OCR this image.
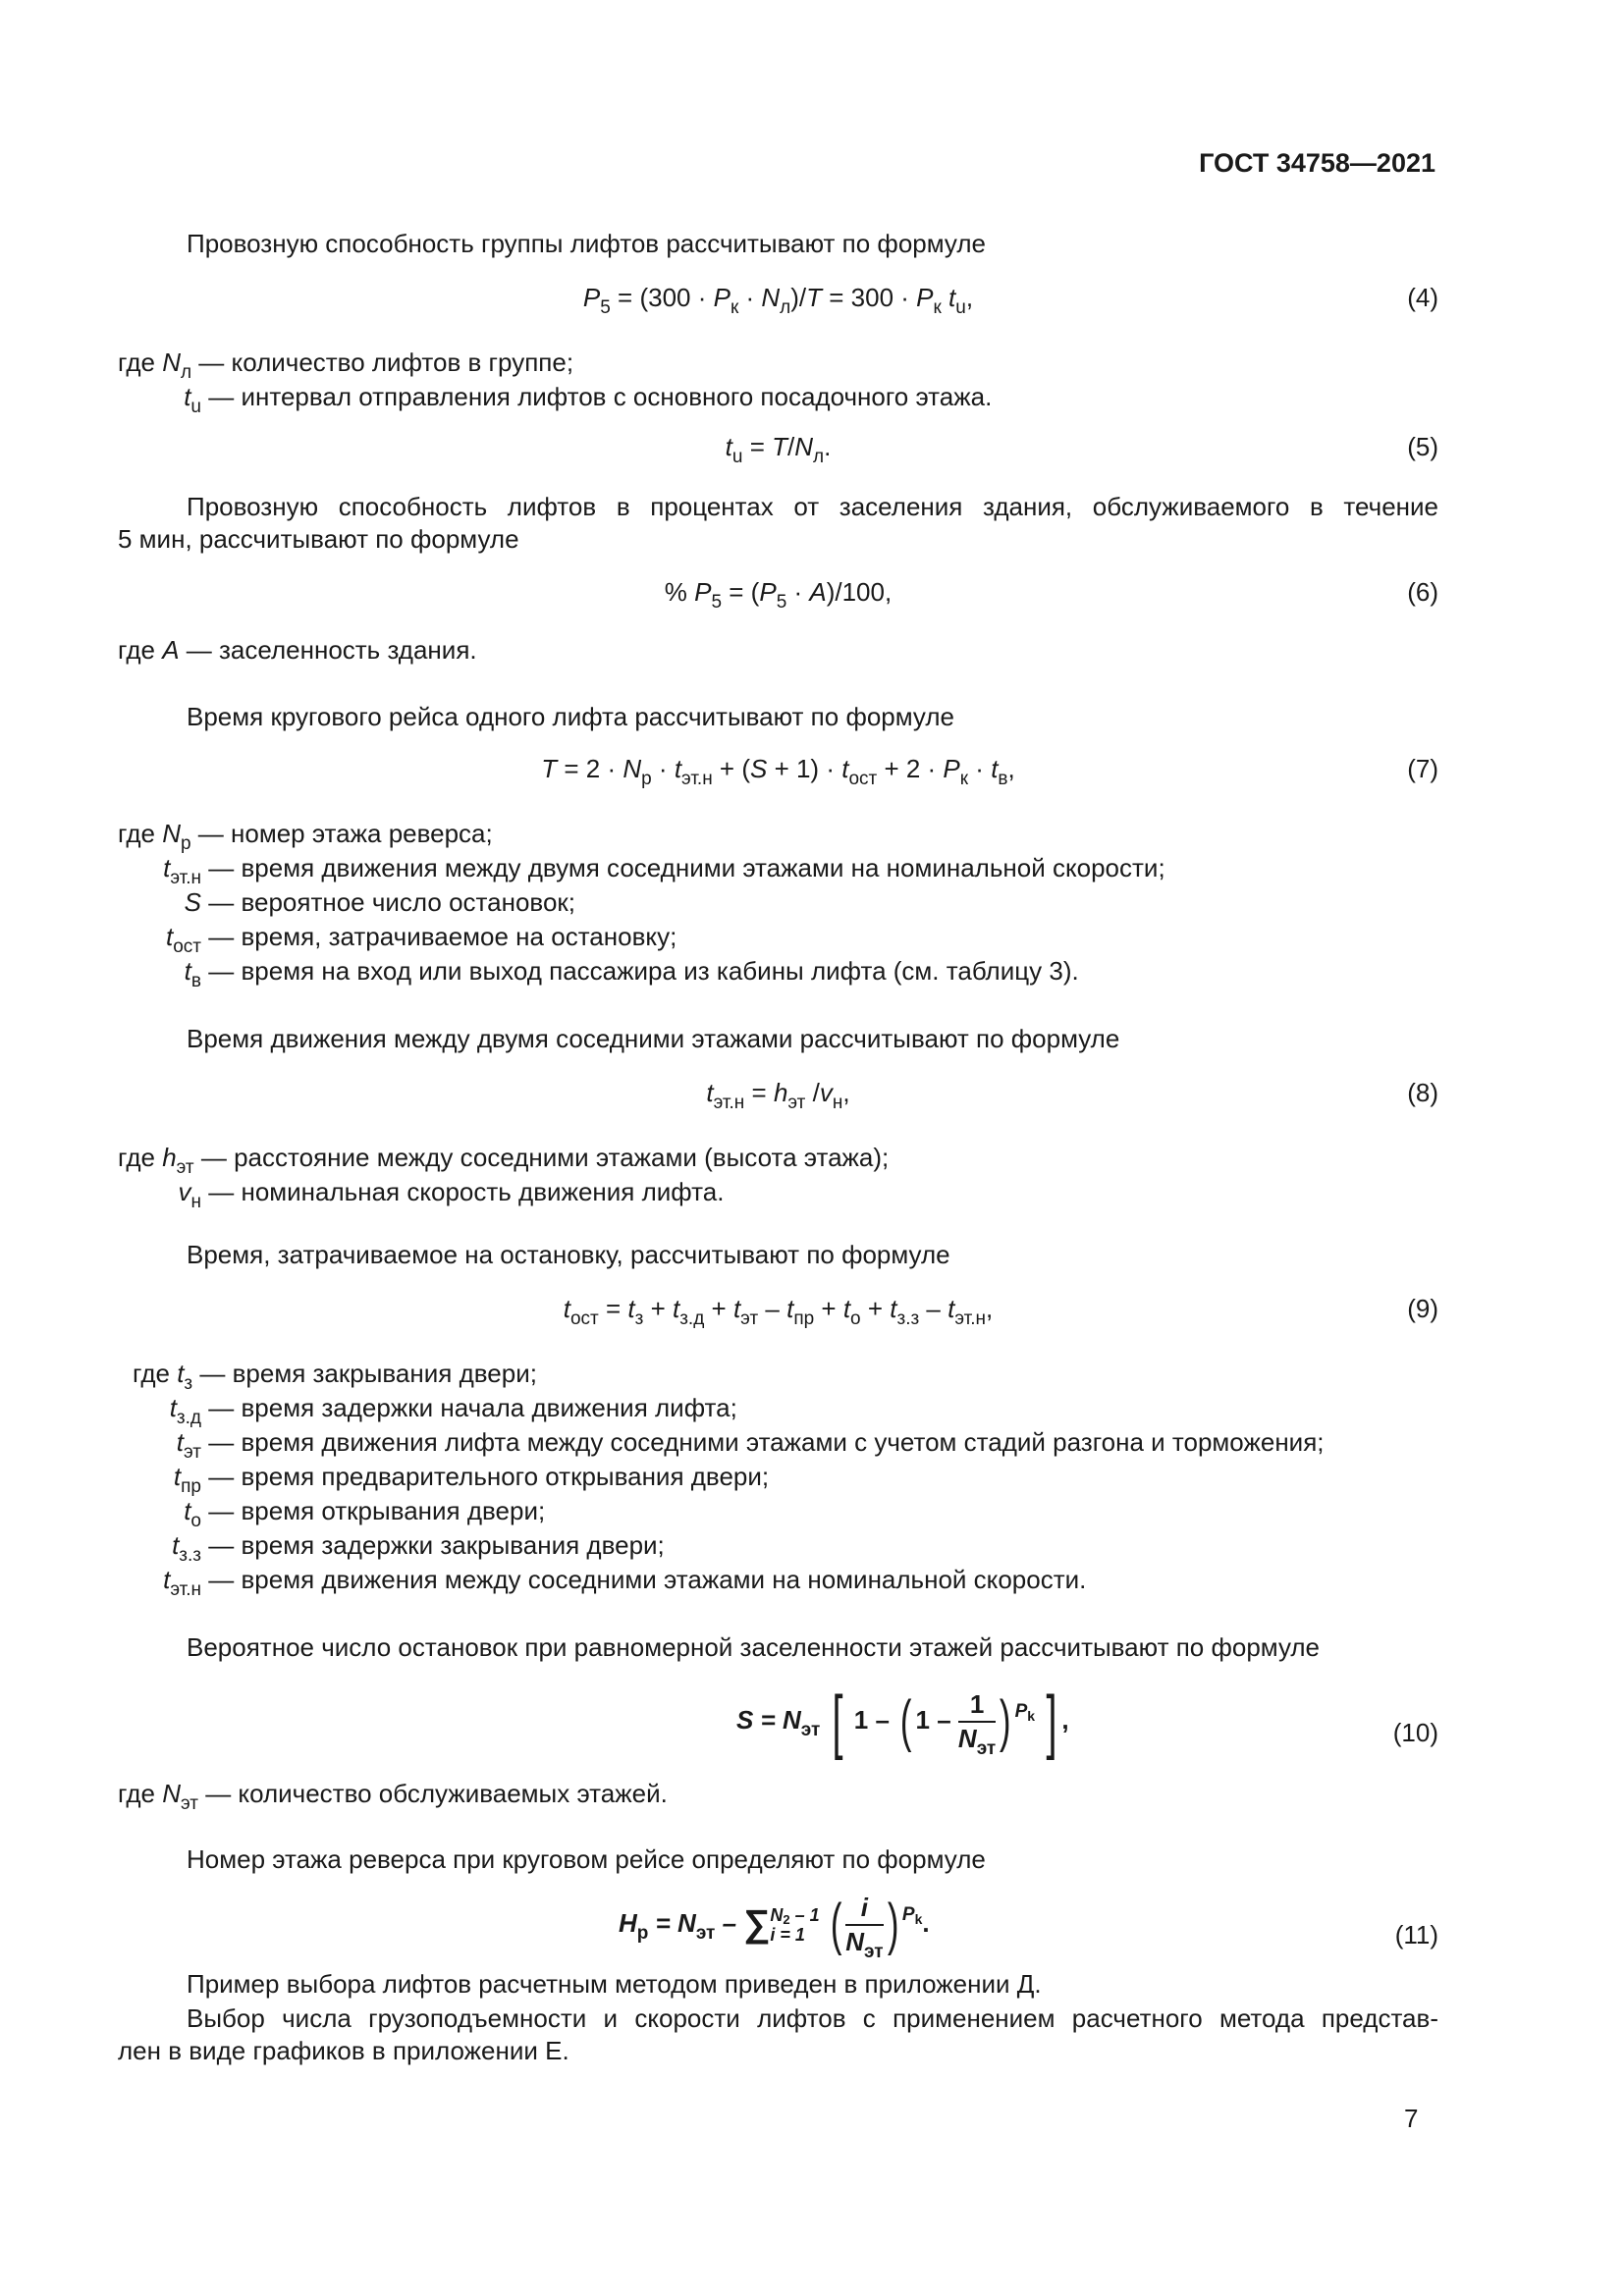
ГОСТ 34758—2021
Провозную способность группы лифтов рассчитывают по формуле
$P_5 = (300 \cdot P_к \cdot N_л)/T = 300 \cdot P_к$ $t_u$,	(4)
где $N_л$ — количество лифтов в группе;
$t_u$ — интервал отправления лифтов с основного посадочного этажа.
$t_u = T/N_л$.	(5)
Провозную способность лифтов в процентах от заселения здания, обслуживаемого в течение
5 мин, рассчитывают по формуле
% $P_5 = (P_5 \cdot A)/100$,	(6)
где A — заселенность здания.
Время кругового рейса одного лифта рассчитывают по формуле
$T = 2 \cdot N_р \cdot t_{эт.н} + (S + 1) \cdot t_{ост} + 2 \cdot P_к \cdot t_в$,	(7)
где $N_р$ — номер этажа реверса;
$t_{эт.н}$ — время движения между двумя соседними этажами на номинальной скорости;
S — вероятное число остановок;
$t_{ост}$ — время, затрачиваемое на остановку;
$t_в$ — время на вход или выход пассажира из кабины лифта (см. таблицу 3).
Время движения между двумя соседними этажами рассчитывают по формуле
$t_{эт.н} = h_{эт}$ $/v_н$,	(8)
где $h_{эт}$ — расстояние между соседними этажами (высота этажа);
$v_н$ — номинальная скорость движения лифта.
Время, затрачиваемое на остановку, рассчитывают по формуле
$t_{ост} = t_з + t_{з.д} + t_{эт} - t_{пр} + t_о + t_{з.з} - t_{эт.н}$,	(9)
где $t_з$ — время закрывания двери;
$t_{з.д}$ — время задержки начала движения лифта;
$t_{эт}$ — время движения лифта между соседними этажами с учетом стадий разгона и торможения;
$t_{пр}$ — время предварительного открывания двери;
$t_о$ — время открывания двери;
$t_{з.з}$ — время задержки закрывания двери;
$t_{эт.н}$ — время движения между соседними этажами на номинальной скорости.
Вероятное число остановок при равномерной заселенности этажей рассчитывают по формуле
$S = N_{эт}$ [ 1 – ( $1 - \frac{1}{N_{эт}}$ ) $^{P_k}$ ] ,	(10)
где $N_{эт}$ — количество обслуживаемых этажей.
Номер этажа реверса при круговом рейсе определяют по формуле
$H_p = N_{эт}$ – ∑ $N_2 - 1$
i = 1 ( $\frac{i}{N_{эт}}$ ) $^{P_k}$.	(11)
Пример выбора лифтов расчетным методом приведен в приложении Д.
Выбор числа грузоподъемности и скорости лифтов с применением расчетного метода представ-
лен в виде графиков в приложении Е.
7
